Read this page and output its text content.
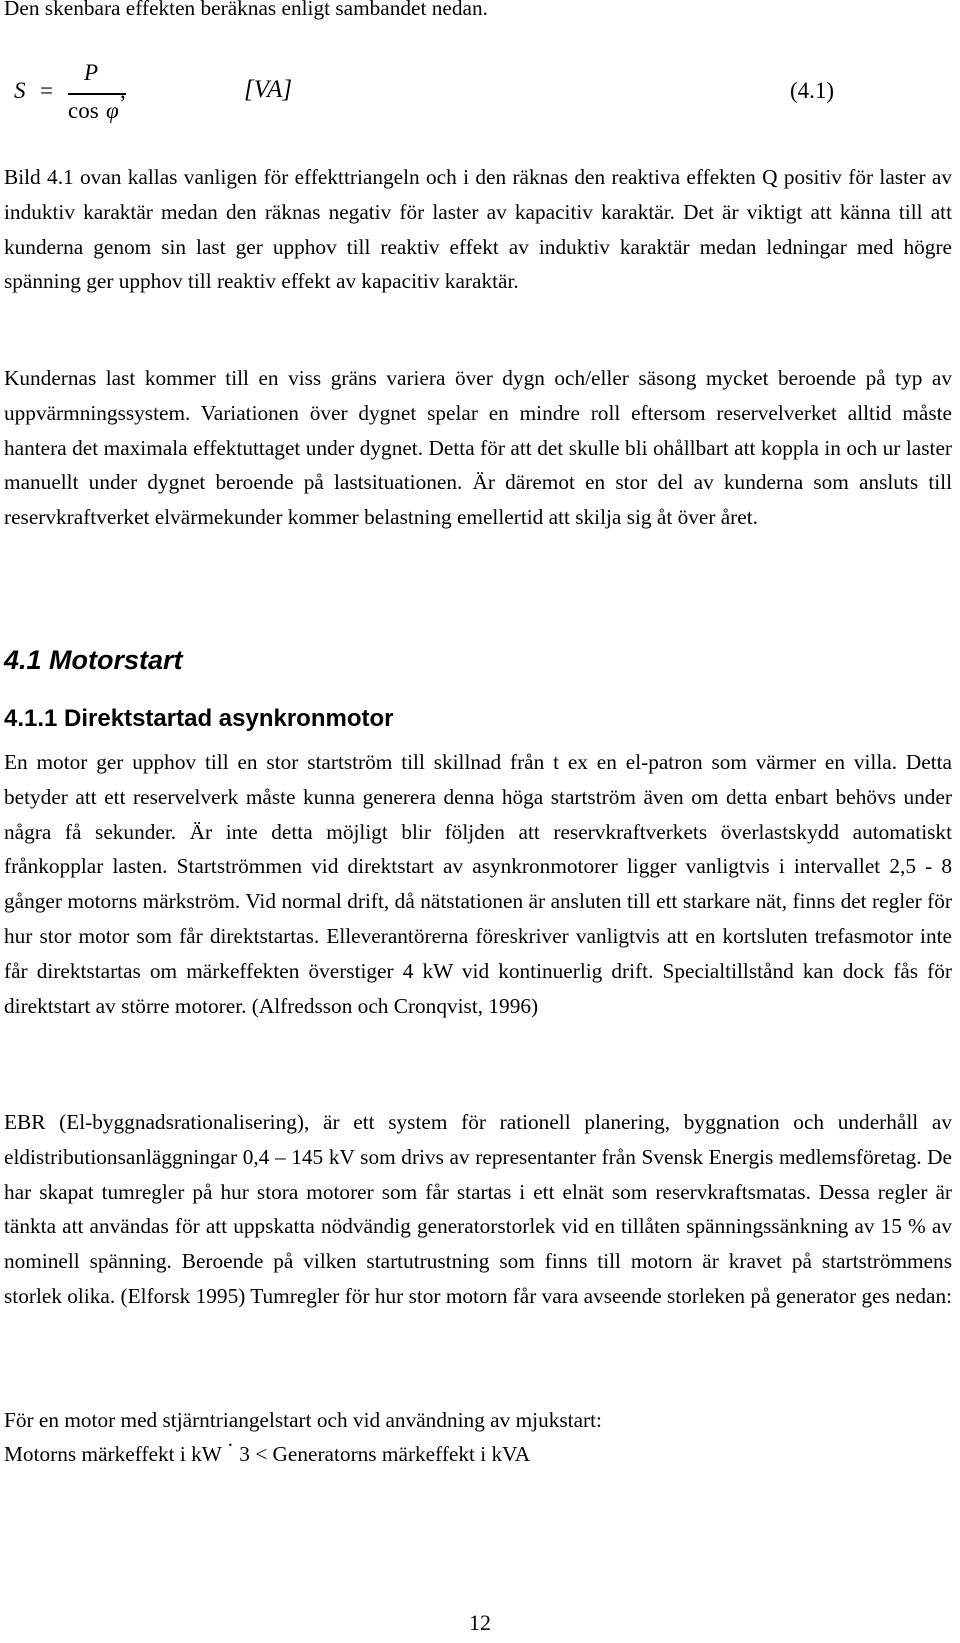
Den skenbara effekten beräknas enligt sambandet nedan.

S =
P
cos φ
,	[VA]	(4.1)

Bild 4.1 ovan kallas vanligen för effekttriangeln och i den räknas den reaktiva effekten Q positiv för laster av induktiv karaktär medan den räknas negativ för laster av kapacitiv karaktär. Det är viktigt att känna till att kunderna genom sin last ger upphov till reaktiv effekt av induktiv karaktär medan ledningar med högre spänning ger upphov till reaktiv effekt av kapacitiv karaktär.

Kundernas last kommer till en viss gräns variera över dygn och/eller säsong mycket beroende på typ av uppvärmningssystem. Variationen över dygnet spelar en mindre roll eftersom reservelverket alltid måste hantera det maximala effektuttaget under dygnet. Detta för att det skulle bli ohållbart att koppla in och ur laster manuellt under dygnet beroende på lastsituationen. Är däremot en stor del av kunderna som ansluts till reservkraftverket elvärmekunder kommer belastning emellertid att skilja sig åt över året.

4.1 Motorstart
4.1.1 Direktstartad asynkronmotor

En motor ger upphov till en stor startström till skillnad från t ex en el-patron som värmer en villa. Detta betyder att ett reservelverk måste kunna generera denna höga startström även om detta enbart behövs under några få sekunder. Är inte detta möjligt blir följden att reservkraftverkets överlastskydd automatiskt frånkopplar lasten. Startströmmen vid direktstart av asynkronmotorer ligger vanligtvis i intervallet 2,5 - 8 gånger motorns märkström. Vid normal drift, då nätstationen är ansluten till ett starkare nät, finns det regler för hur stor motor som får direktstartas. Elleverantörerna föreskriver vanligtvis att en kortsluten trefasmotor inte får direktstartas om märkeffekten överstiger 4 kW vid kontinuerlig drift. Specialtillstånd kan dock fås för direktstart av större motorer. (Alfredsson och Cronqvist, 1996)

EBR (El-byggnadsrationalisering), är ett system för rationell planering, byggnation och underhåll av eldistributionsanläggningar 0,4 – 145 kV som drivs av representanter från Svensk Energis medlemsföretag. De har skapat tumregler på hur stora motorer som får startas i ett elnät som reservkraftsmatas. Dessa regler är tänkta att användas för att uppskatta nödvändig generatorstorlek vid en tillåten spänningssänkning av 15 % av nominell spänning. Beroende på vilken startutrustning som finns till motorn är kravet på startströmmens storlek olika. (Elforsk 1995) Tumregler för hur stor motorn får vara avseende storleken på generator ges nedan:

För en motor med stjärntriangelstart och vid användning av mjukstart:

Motorns märkeffekt i kW · 3 < Generatorns märkeffekt i kVA

12
